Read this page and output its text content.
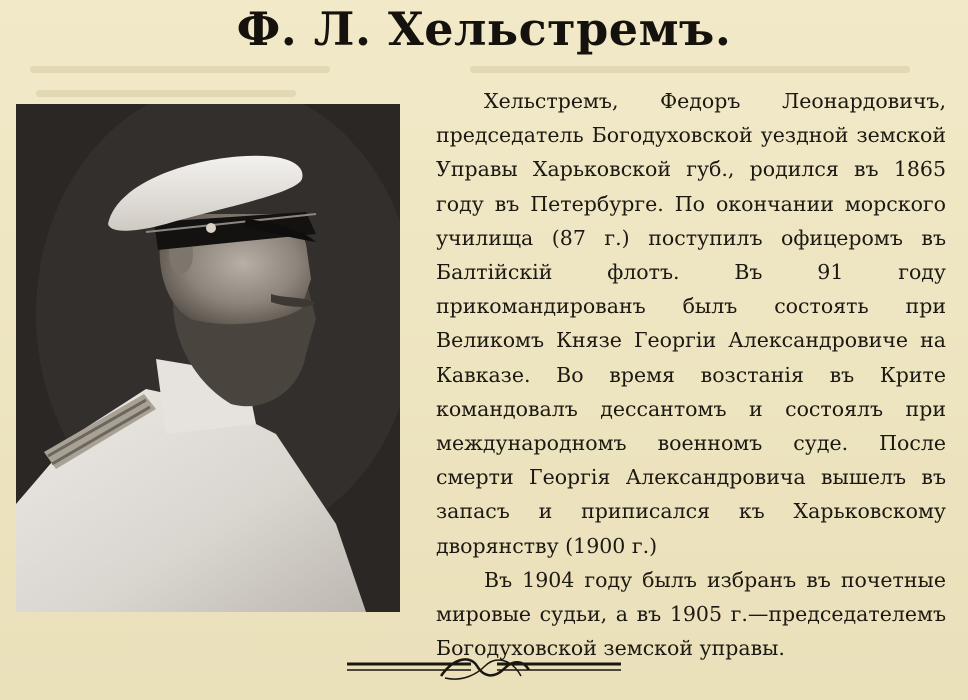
Ф. Л. Хельстремъ.

Хельстремъ, Федоръ Леонардовичъ, председатель Богодуховской уездной земской Управы Харьковской губ., родился въ 1865 году въ Петербурге. По окончании морского училища (87 г.) поступилъ офицеромъ въ Балтійскій флотъ. Въ 91 году прикомандированъ былъ состоять при Великомъ Князе Георгіи Александровиче на Кавказе. Во время возстанія въ Крите командовалъ дессантомъ и состоялъ при международномъ военномъ суде. После смерти Георгія Александровича вышелъ въ запасъ и приписался къ Харьковскому дворянству (1900 г.)

Въ 1904 году былъ избранъ въ почетные мировые судьи, а въ 1905 г.—председателемъ Богодуховской земской управы.
